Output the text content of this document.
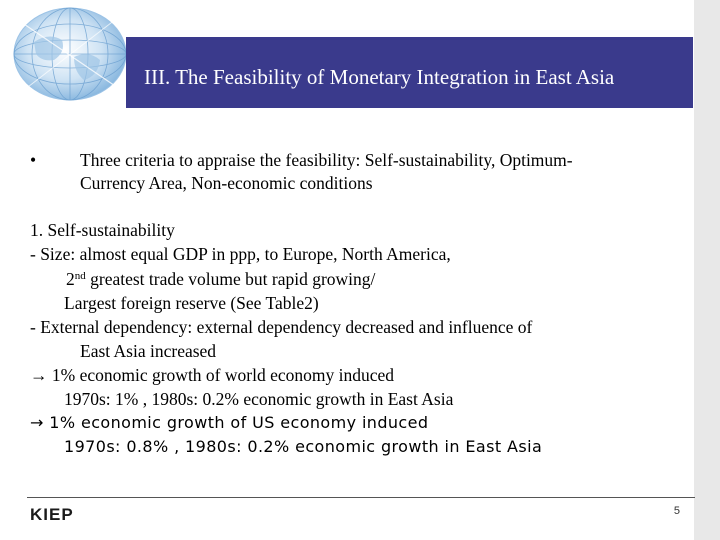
III. The Feasibility of Monetary Integration in East Asia
•	Three criteria to appraise the feasibility: Self-sustainability, Optimum-
Currency Area, Non-economic conditions
1. Self-sustainability
- Size: almost equal GDP in ppp, to Europe, North America,
2nd greatest trade volume but rapid growing/
Largest foreign reserve (See Table2)
- External dependency: external dependency decreased and influence of
East Asia increased
→ 1% economic growth of world economy induced
1970s: 1% , 1980s: 0.2% economic growth in East Asia
→ 1% economic growth of US economy induced
1970s: 0.8% , 1980s: 0.2% economic growth in East Asia
KIEP	5
